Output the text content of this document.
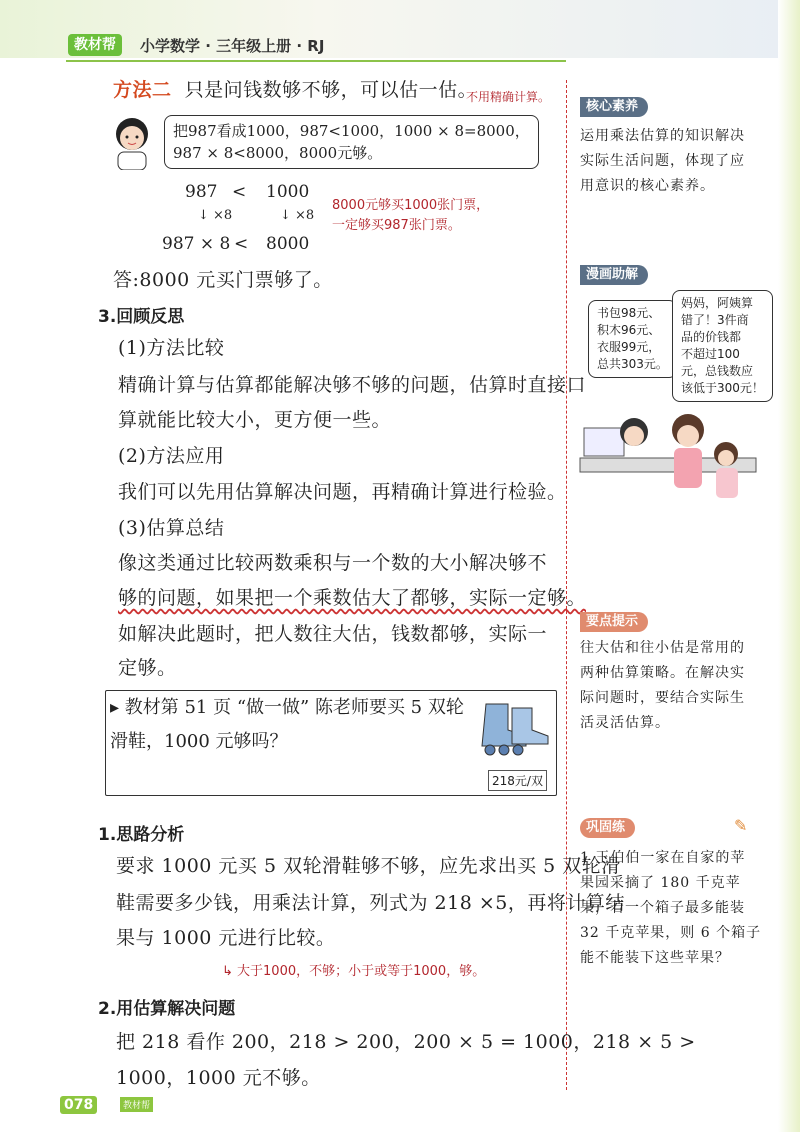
教材帮	小学数学 · 三年级上册 · RJ
方法二 只是问钱数够不够，可以估一估。
不用精确计算。
把987看成1000，987<1000，1000 × 8=8000，
987 × 8<8000，8000元够。
987 < 1000
↓ ×8	↓ ×8
987 × 8 < 8000
8000元够买1000张门票，
一定够买987张门票。
答:8000 元买门票够了。
3.回顾反思
(1)方法比较
精确计算与估算都能解决够不够的问题，估算时直接口
算就能比较大小，更方便一些。
(2)方法应用
我们可以先用估算解决问题，再精确计算进行检验。
(3)估算总结
像这类通过比较两数乘积与一个数的大小解决够不
够的问题，如果把一个乘数估大了都够，实际一定够。
如解决此题时，把人数往大估，钱数都够，实际一
定够。
▸ 教材第 51 页 “做一做” 陈老师要买 5 双轮
滑鞋，1000 元够吗？
218元/双
1.思路分析
要求 1000 元买 5 双轮滑鞋够不够，应先求出买 5 双轮滑
鞋需要多少钱，用乘法计算，列式为 218 ×5，再将计算结
果与 1000 元进行比较。
↳ 大于1000，不够；小于或等于1000，够。
2.用估算解决问题
把 218 看作 200，218 > 200，200 × 5 = 1000，218 × 5 >
1000，1000 元不够。
核心素养
运用乘法估算的知识解决
实际生活问题，体现了应
用意识的核心素养。
漫画助解
书包98元、
积木96元、
衣服99元，
总共303元。
妈妈，阿姨算
错了！3件商
品的价钱都
不超过100
元，总钱数应
该低于300元！
要点提示
往大估和往小估是常用的
两种估算策略。在解决实
际问题时，要结合实际生
活灵活估算。
巩固练	✎
1 王伯伯一家在自家的苹
果园采摘了 180 千克苹
果，若一个箱子最多能装
32 千克苹果，则 6 个箱子
能不能装下这些苹果？
078	教材帮
